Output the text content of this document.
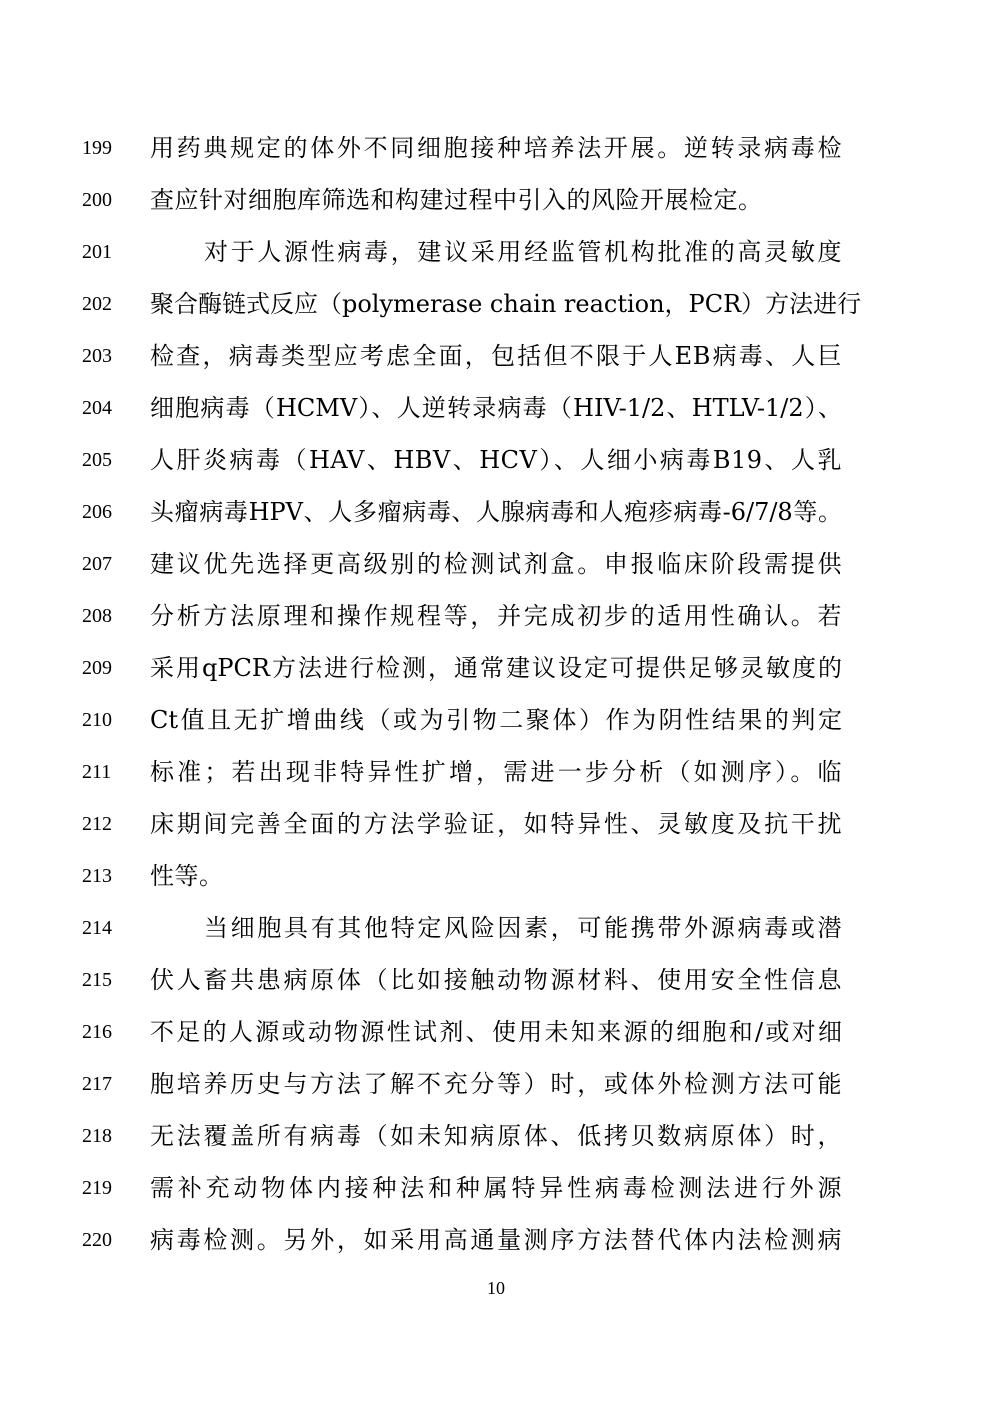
199	用药典规定的体外不同细胞接种培养法开展。逆转录病毒检
200	查应针对细胞库筛选和构建过程中引入的风险开展检定。
201	对于人源性病毒，建议采用经监管机构批准的高灵敏度
202	聚合酶链式反应（polymerase chain reaction，PCR）方法进行
203	检查，病毒类型应考虑全面，包括但不限于人EB病毒、人巨
204	细胞病毒（HCMV）、人逆转录病毒（HIV-1/2、HTLV-1/2）、
205	人肝炎病毒（HAV、HBV、HCV）、人细小病毒B19、人乳
206	头瘤病毒HPV、人多瘤病毒、人腺病毒和人疱疹病毒-6/7/8等。
207	建议优先选择更高级别的检测试剂盒。申报临床阶段需提供
208	分析方法原理和操作规程等，并完成初步的适用性确认。若
209	采用qPCR方法进行检测，通常建议设定可提供足够灵敏度的
210	Ct值且无扩增曲线（或为引物二聚体）作为阴性结果的判定
211	标准；若出现非特异性扩增，需进一步分析（如测序）。临
212	床期间完善全面的方法学验证，如特异性、灵敏度及抗干扰
213	性等。
214	当细胞具有其他特定风险因素，可能携带外源病毒或潜
215	伏人畜共患病原体（比如接触动物源材料、使用安全性信息
216	不足的人源或动物源性试剂、使用未知来源的细胞和/或对细
217	胞培养历史与方法了解不充分等）时，或体外检测方法可能
218	无法覆盖所有病毒（如未知病原体、低拷贝数病原体）时，
219	需补充动物体内接种法和种属特异性病毒检测法进行外源
220	病毒检测。另外，如采用高通量测序方法替代体内法检测病
10
